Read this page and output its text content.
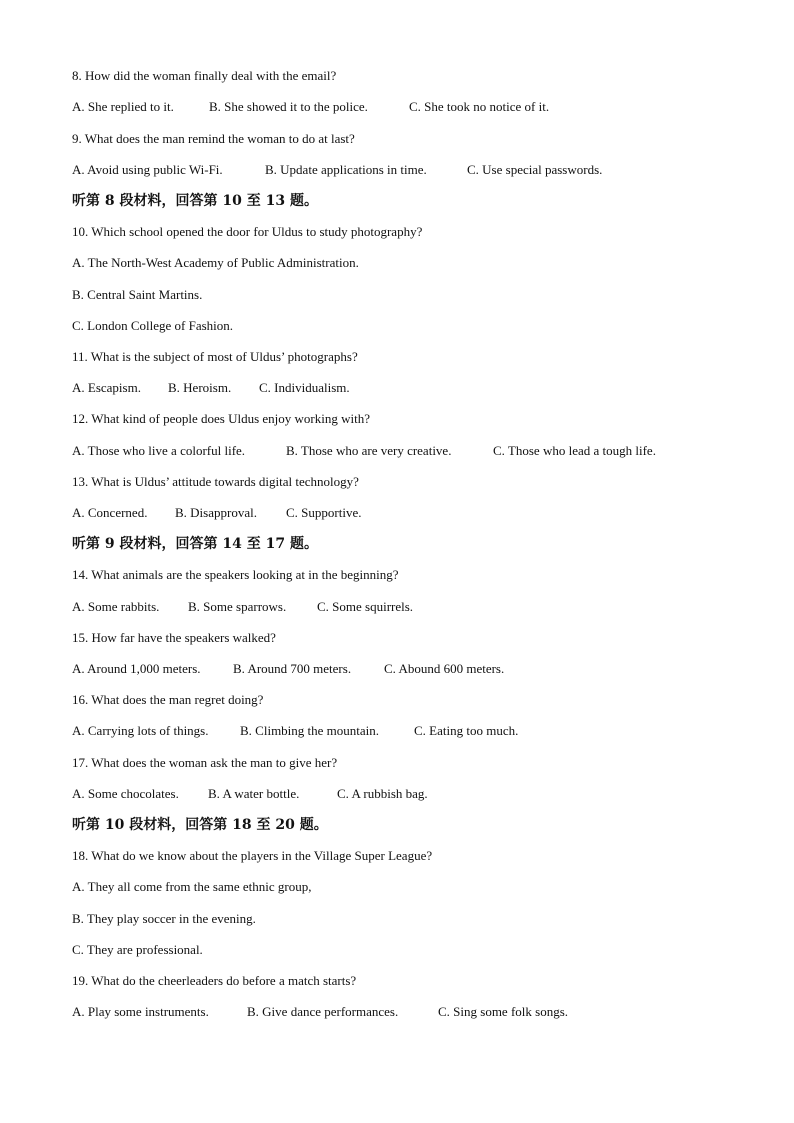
8. How did the woman finally deal with the email?
A. She replied to it.	B. She showed it to the police.	C. She took no notice of it.
9. What does the man remind the woman to do at last?
A. Avoid using public Wi-Fi.	B. Update applications in time.	C. Use special passwords.
听第 8 段材料，回答第 10 至 13 题。
10. Which school opened the door for Uldus to study photography?
A. The North-West Academy of Public Administration.
B. Central Saint Martins.
C. London College of Fashion.
11. What is the subject of most of Uldus’ photographs?
A. Escapism. B. Heroism. C. Individualism.
12. What kind of people does Uldus enjoy working with?
A. Those who live a colorful life.	B. Those who are very creative.	C. Those who lead a tough life.
13. What is Uldus’ attitude towards digital technology?
A. Concerned. B. Disapproval. C. Supportive.
听第 9 段材料，回答第 14 至 17 题。
14. What animals are the speakers looking at in the beginning?
A. Some rabbits. B. Some sparrows. C. Some squirrels.
15. How far have the speakers walked?
A. Around 1,000 meters. B. Around 700 meters.	C. Abound 600 meters.
16. What does the man regret doing?
A. Carrying lots of things. B. Climbing the mountain.	C. Eating too much.
17. What does the woman ask the man to give her?
A. Some chocolates. B. A water bottle.	C. A rubbish bag.
听第 10 段材料，回答第 18 至 20 题。
18. What do we know about the players in the Village Super League?
A. They all come from the same ethnic group,
B. They play soccer in the evening.
C. They are professional.
19. What do the cheerleaders do before a match starts?
A. Play some instruments.	B. Give dance performances.	C. Sing some folk songs.
